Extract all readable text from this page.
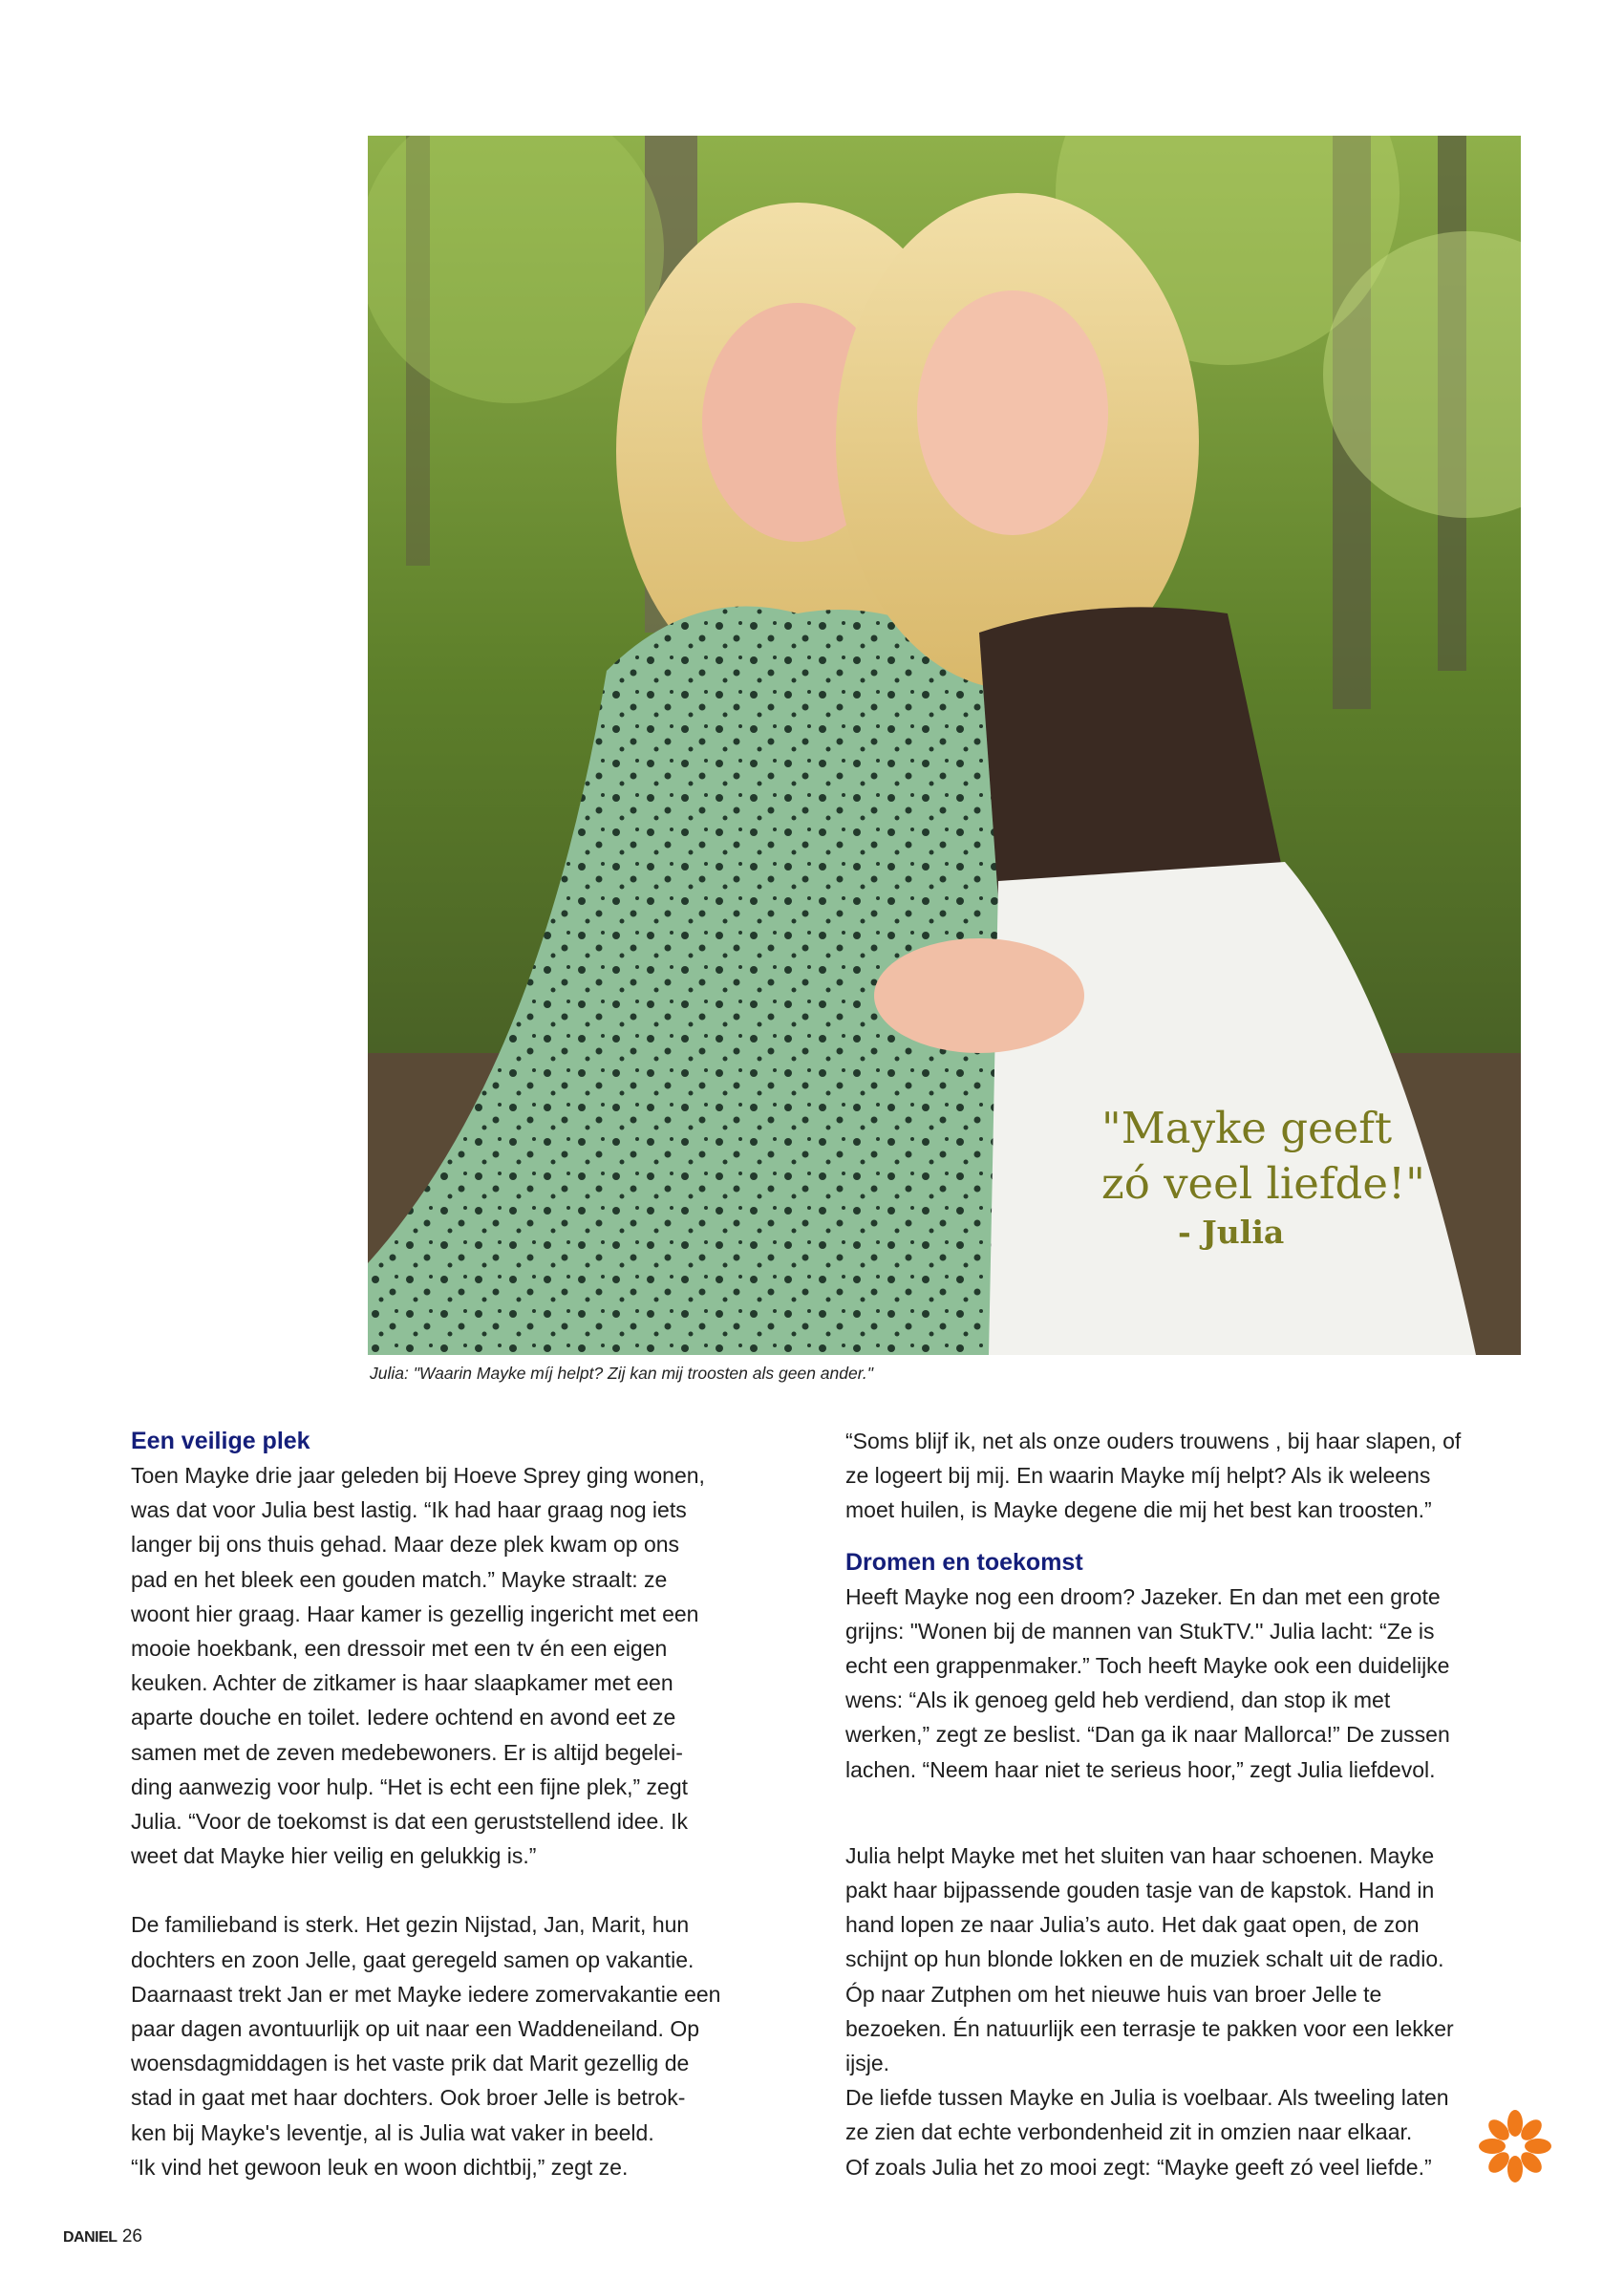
"Mayke geeft
zó veel liefde!"
- Julia
Julia: "Waarin Mayke míj helpt? Zij kan mij troosten als geen ander."
Een veilige plek

Toen Mayke drie jaar geleden bij Hoeve Sprey ging wonen,
was dat voor Julia best lastig. “Ik had haar graag nog iets
langer bij ons thuis gehad. Maar deze plek kwam op ons
pad en het bleek een gouden match.” Mayke straalt: ze
woont hier graag. Haar kamer is gezellig ingericht met een
mooie hoekbank, een dressoir met een tv én een eigen
keuken. Achter de zitkamer is haar slaapkamer met een
aparte douche en toilet. Iedere ochtend en avond eet ze
samen met de zeven medebewoners. Er is altijd begelei-
ding aanwezig voor hulp. “Het is echt een fijne plek,” zegt
Julia. “Voor de toekomst is dat een geruststellend idee. Ik
weet dat Mayke hier veilig en gelukkig is.”

De familieband is sterk. Het gezin Nijstad, Jan, Marit, hun
dochters en zoon Jelle, gaat geregeld samen op vakantie.
Daarnaast trekt Jan er met Mayke iedere zomervakantie een
paar dagen avontuurlijk op uit naar een Waddeneiland. Op
woensdagmiddagen is het vaste prik dat Marit gezellig de
stad in gaat met haar dochters. Ook broer Jelle is betrok-
ken bij Mayke's leventje, al is Julia wat vaker in beeld.
“Ik vind het gewoon leuk en woon dichtbij,” zegt ze.

“Soms blijf ik, net als onze ouders trouwens , bij haar slapen, of
ze logeert bij mij. En waarin Mayke míj helpt? Als ik weleens
moet huilen, is Mayke degene die mij het best kan troosten.”

Dromen en toekomst

Heeft Mayke nog een droom? Jazeker. En dan met een grote
grijns: "Wonen bij de mannen van StukTV.'' Julia lacht: “Ze is
echt een grappenmaker.” Toch heeft Mayke ook een duidelijke
wens: “Als ik genoeg geld heb verdiend, dan stop ik met
werken,” zegt ze beslist. “Dan ga ik naar Mallorca!” De zussen
lachen. “Neem haar niet te serieus hoor,” zegt Julia liefdevol.

Julia helpt Mayke met het sluiten van haar schoenen. Mayke
pakt haar bijpassende gouden tasje van de kapstok. Hand in
hand lopen ze naar Julia’s auto. Het dak gaat open, de zon
schijnt op hun blonde lokken en de muziek schalt uit de radio.
Óp naar Zutphen om het nieuwe huis van broer Jelle te
bezoeken. Én natuurlijk een terrasje te pakken voor een lekker
ijsje.
De liefde tussen Mayke en Julia is voelbaar. Als tweeling laten
ze zien dat echte verbondenheid zit in omzien naar elkaar.
Of zoals Julia het zo mooi zegt: “Mayke geeft zó veel liefde.”

DANIEL 26
